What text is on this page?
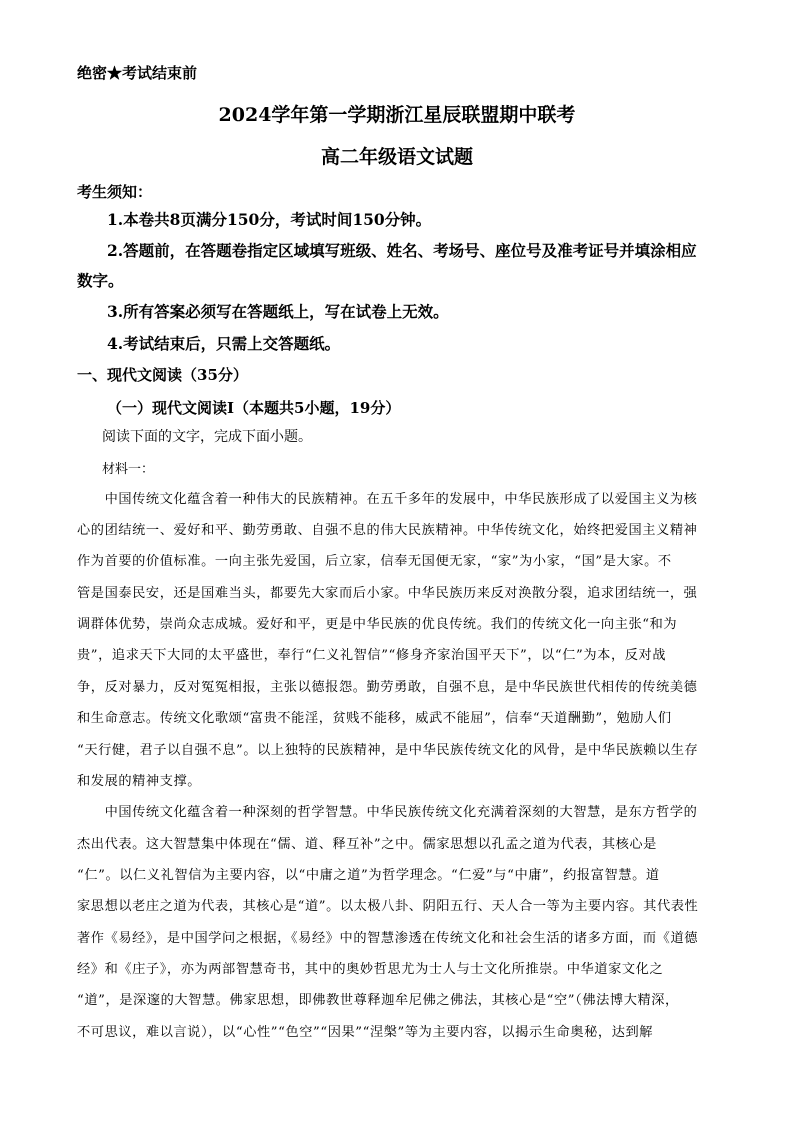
绝密★考试结束前
2024学年第一学期浙江星辰联盟期中联考
高二年级语文试题
考生须知：
1.本卷共8页满分150分，考试时间150分钟。
2.答题前，在答题卷指定区域填写班级、姓名、考场号、座位号及准考证号并填涂相应
数字。
3.所有答案必须写在答题纸上，写在试卷上无效。
4.考试结束后，只需上交答题纸。
一、现代文阅读（35分）
（一）现代文阅读Ⅰ（本题共5小题，19分）
阅读下面的文字，完成下面小题。
材料一：
　　中国传统文化蕴含着一种伟大的民族精神。在五千多年的发展中，中华民族形成了以爱国主义为核
心的团结统一、爱好和平、勤劳勇敢、自强不息的伟大民族精神。中华传统文化，始终把爱国主义精神
作为首要的价值标准。一向主张先爱国，后立家，信奉无国便无家，“家”为小家，“国”是大家。不
管是国泰民安，还是国难当头，都要先大家而后小家。中华民族历来反对涣散分裂，追求团结统一，强
调群体优势，崇尚众志成城。爱好和平，更是中华民族的优良传统。我们的传统文化一向主张“和为
贵”，追求天下大同的太平盛世，奉行“仁义礼智信”“修身齐家治国平天下”，以“仁”为本，反对战
争，反对暴力，反对冤冤相报，主张以德报怨。勤劳勇敢，自强不息，是中华民族世代相传的传统美德
和生命意志。传统文化歌颂“富贵不能淫，贫贱不能移，威武不能屈”，信奉“天道酬勤”，勉励人们
“天行健，君子以自强不息”。以上独特的民族精神，是中华民族传统文化的风骨，是中华民族赖以生存
和发展的精神支撑。
　　中国传统文化蕴含着一种深刻的哲学智慧。中华民族传统文化充满着深刻的大智慧，是东方哲学的
杰出代表。这大智慧集中体现在“儒、道、释互补”之中。儒家思想以孔孟之道为代表，其核心是
“仁”。以仁义礼智信为主要内容，以“中庸之道”为哲学理念。“仁爱”与“中庸”，约报富智慧。道
家思想以老庄之道为代表，其核心是“道”。以太极八卦、阴阳五行、天人合一等为主要内容。其代表性
著作《易经》，是中国学问之根据，《易经》中的智慧渗透在传统文化和社会生活的诸多方面，而《道德
经》和《庄子》，亦为两部智慧奇书，其中的奥妙哲思尤为士人与士文化所推崇。中华道家文化之
“道”，是深邃的大智慧。佛家思想，即佛教世尊释迦牟尼佛之佛法，其核心是“空”（佛法博大精深，
不可思议，难以言说），以“心性”“色空”“因果”“涅槃”等为主要内容，以揭示生命奥秘，达到解
